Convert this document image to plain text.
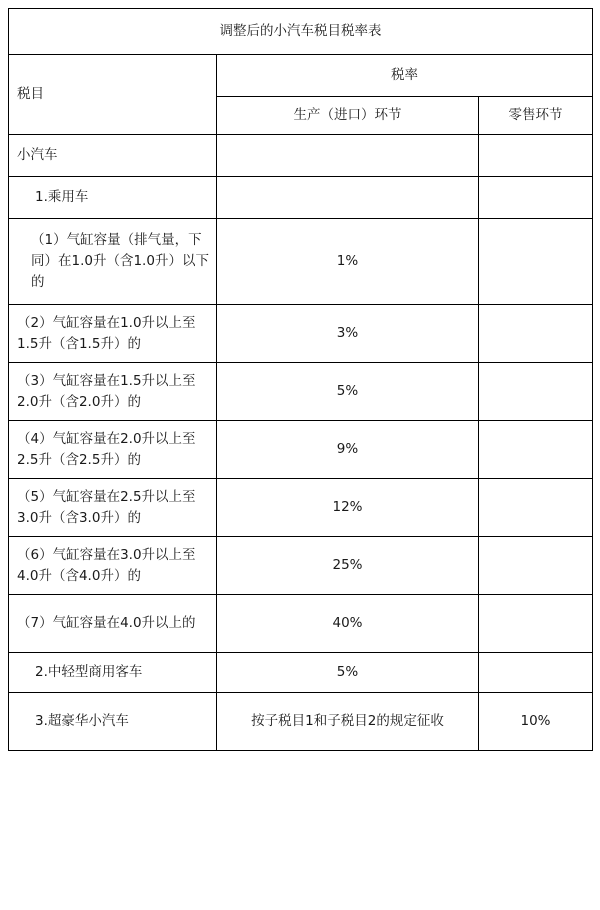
调整后的小汽车税目税率表		
税目	税率	
	生产（进口）环节	零售环节
小汽车		
1.乘用车		
（1）气缸容量（排气量，下同）在1.0升（含1.0升）以下的	1%	
（2）气缸容量在1.0升以上至1.5升（含1.5升）的	3%	
（3）气缸容量在1.5升以上至2.0升（含2.0升）的	5%	
（4）气缸容量在2.0升以上至2.5升（含2.5升）的	9%	
（5）气缸容量在2.5升以上至3.0升（含3.0升）的	12%	
（6）气缸容量在3.0升以上至4.0升（含4.0升）的	25%	
（7）气缸容量在4.0升以上的	40%	
2.中轻型商用客车	5%	
3.超豪华小汽车	按子税目1和子税目2的规定征收	10%
